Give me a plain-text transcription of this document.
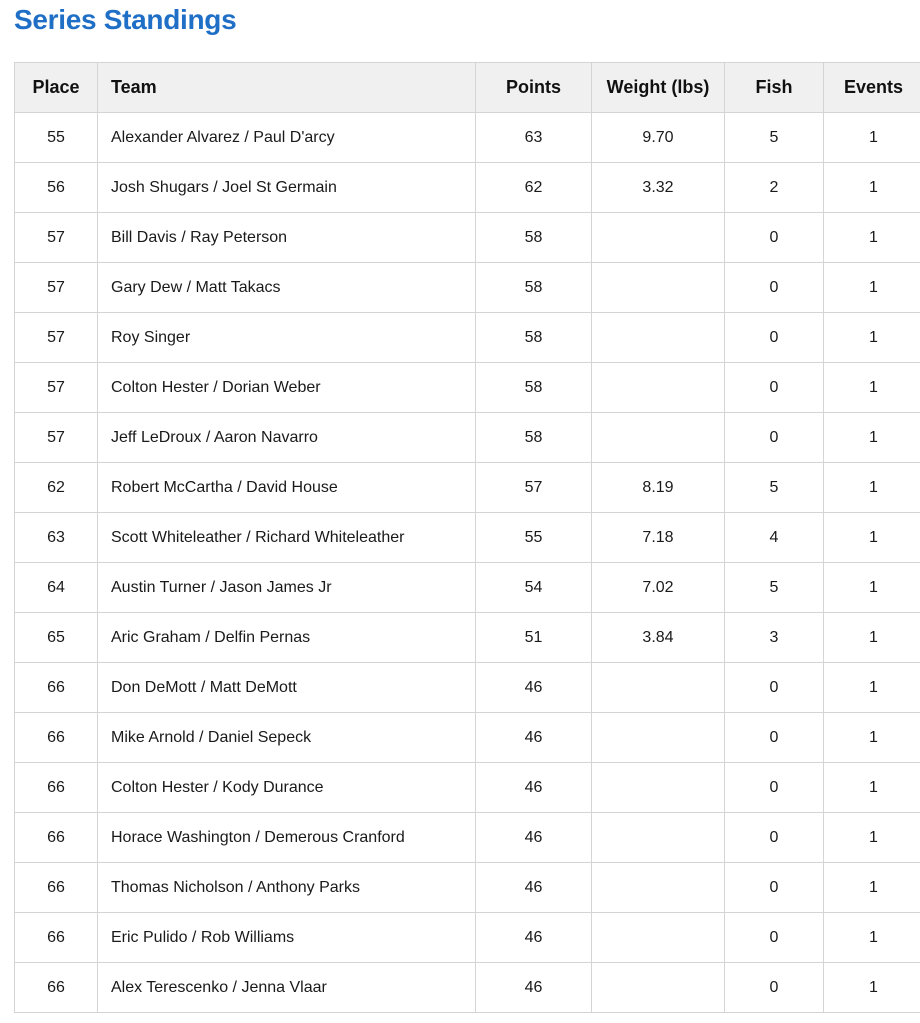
Series Standings
Place	Team	Points	Weight (lbs)	Fish	Events
55	Alexander Alvarez / Paul D'arcy	63	9.70	5	1
56	Josh Shugars / Joel St Germain	62	3.32	2	1
57	Bill Davis / Ray Peterson	58		0	1
57	Gary Dew / Matt Takacs	58		0	1
57	Roy Singer	58		0	1
57	Colton Hester / Dorian Weber	58		0	1
57	Jeff LeDroux / Aaron Navarro	58		0	1
62	Robert McCartha / David House	57	8.19	5	1
63	Scott Whiteleather / Richard Whiteleather	55	7.18	4	1
64	Austin Turner / Jason James Jr	54	7.02	5	1
65	Aric Graham / Delfin Pernas	51	3.84	3	1
66	Don DeMott / Matt DeMott	46		0	1
66	Mike Arnold / Daniel Sepeck	46		0	1
66	Colton Hester / Kody Durance	46		0	1
66	Horace Washington / Demerous Cranford	46		0	1
66	Thomas Nicholson / Anthony Parks	46		0	1
66	Eric Pulido / Rob Williams	46		0	1
66	Alex Terescenko / Jenna Vlaar	46		0	1
